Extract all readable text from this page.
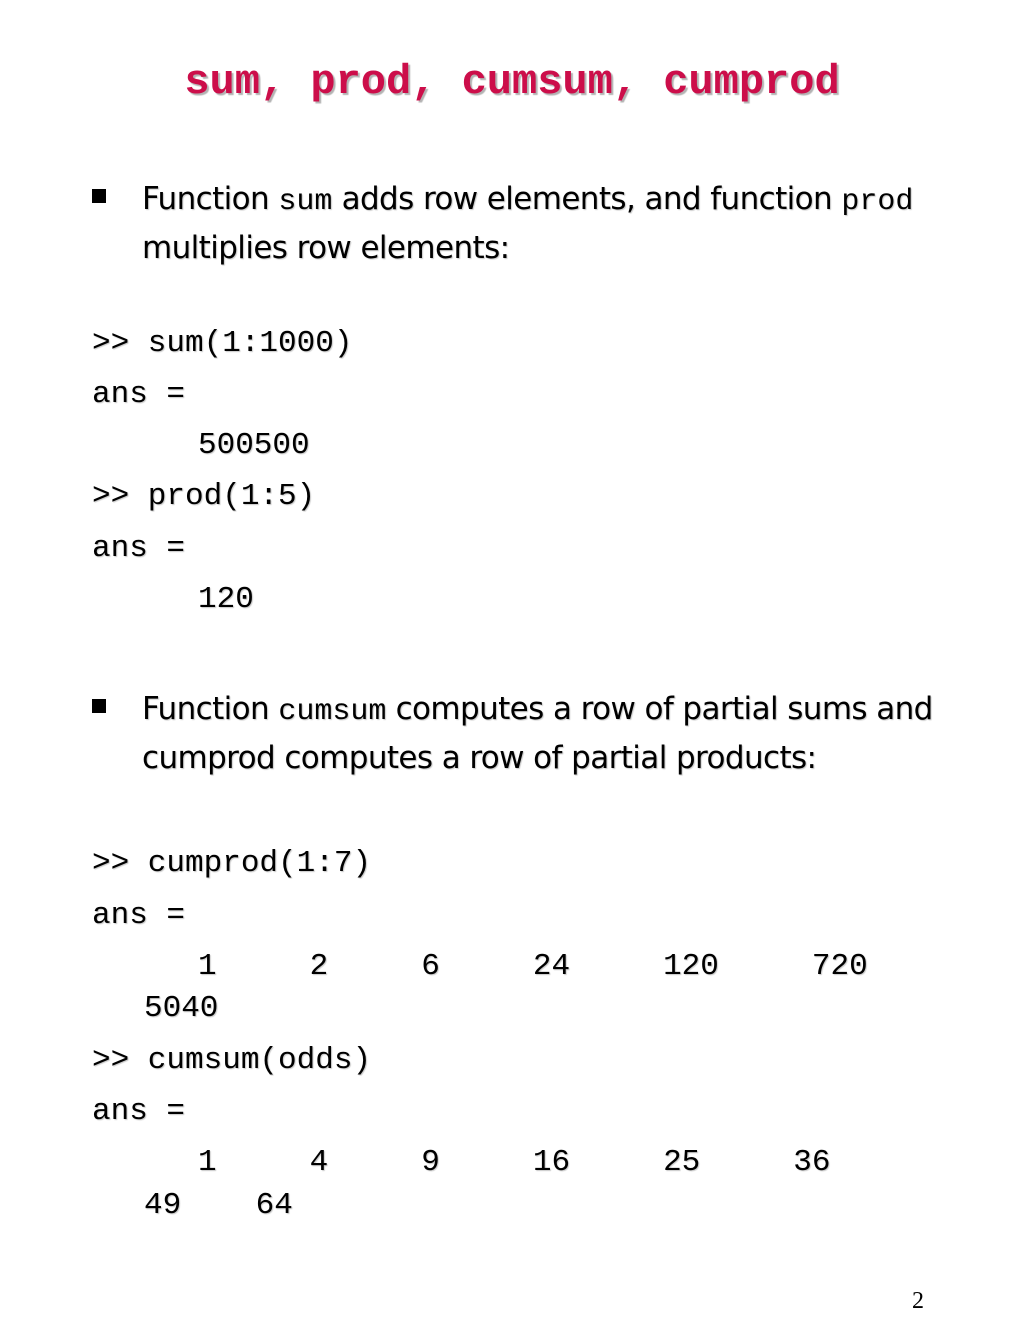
sum, prod, cumsum, cumprod
Function sum adds row elements, and function prod multiplies row elements:
>> sum(1:1000)
ans =
500500
>> prod(1:5)
ans =
120
Function cumsum computes a row of partial sums and cumprod computes a row of partial products:
>> cumprod(1:7)
ans =
1     2     6     24     120     720
5040
>> cumsum(odds)
ans =
1     4     9     16     25     36
49    64
2
